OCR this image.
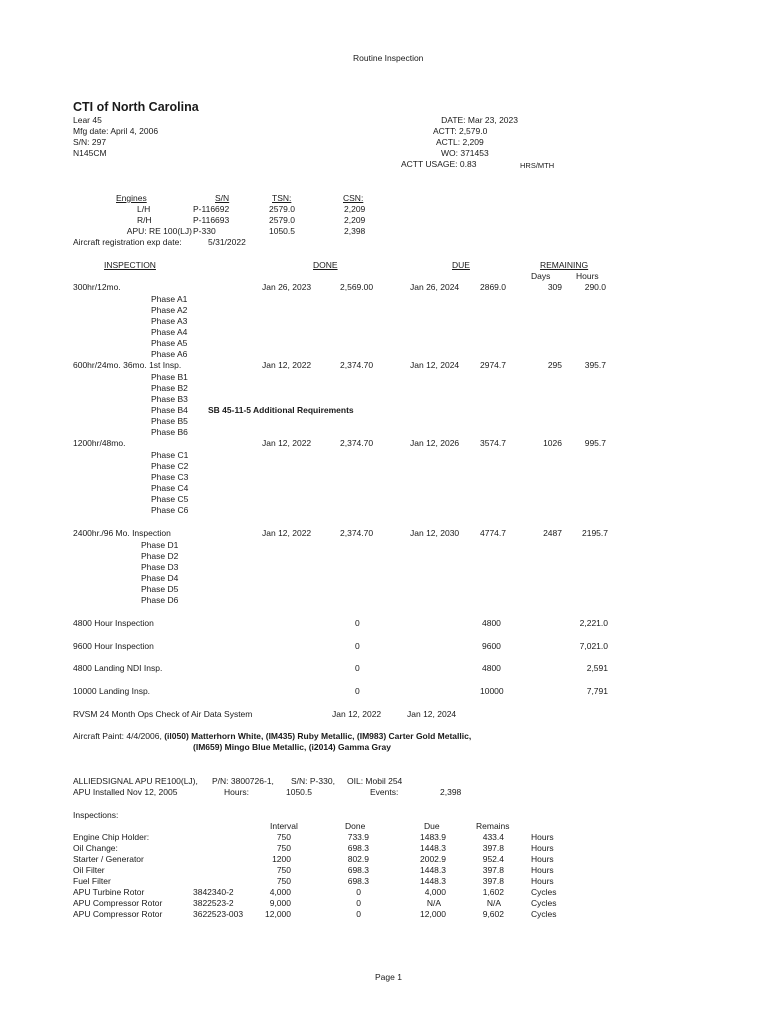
Routine Inspection
CTI of North Carolina
Lear 45
Mfg date: April 4, 2006
S/N: 297
N145CM
DATE: Mar 23, 2023
ACTT: 2,579.0
ACTL: 2,209
WO: 371453
ACTT USAGE: 0.83	HRS/MTH
Engines	S/N	TSN:	CSN:
L/H	P-116692	2579.0	2,209
R/H	P-116693	2579.0	2,209
APU: RE 100(LJ) P-330	1050.5	2,398
Aircraft registration exp date:	5/31/2022
INSPECTION	DONE	DUE	REMAINING
Days	Hours
300hr/12mo.	Jan 26, 2023	2,569.00	Jan 26, 2024 2869.0	309	290.0
Phase A1
Phase A2
Phase A3
Phase A4
Phase A5
Phase A6
600hr/24mo. 36mo. 1st Insp.	Jan 12, 2022	2,374.70	Jan 12, 2024 2974.7	295	395.7
Phase B1
Phase B2
Phase B3
Phase B4 SB 45-11-5 Additional Requirements
Phase B5
Phase B6
1200hr/48mo.	Jan 12, 2022	2,374.70	Jan 12, 2026 3574.7	1026	995.7
Phase C1
Phase C2
Phase C3
Phase C4
Phase C5
Phase C6
2400hr./96 Mo. Inspection	Jan 12, 2022	2,374.70	Jan 12, 2030 4774.7	2487 2195.7
Phase D1
Phase D2
Phase D3
Phase D4
Phase D5
Phase D6
4800 Hour Inspection	0	4800	2,221.0
9600 Hour Inspection	0	9600	7,021.0
4800 Landing NDI Insp.	0	4800	2,591
10000 Landing Insp.	0	10000	7,791
RVSM 24 Month Ops Check of Air Data System	Jan 12, 2022	Jan 12, 2024
Aircraft Paint: 4/4/2006, (il050) Matterhorn White, (IM435) Ruby Metallic, (IM983) Carter Gold Metallic,
(IM659) Mingo Blue Metallic, (i2014) Gamma Gray
ALLIEDSIGNAL APU RE100(LJ), P/N: 3800726-1, S/N: P-330, OIL: Mobil 254
APU Installed Nov 12, 2005	Hours:	1050.5	Events:	2,398
Inspections:
Interval	Done	Due	Remains
Engine Chip Holder:	750	733.9	1483.9	433.4	Hours
Oil Change:	750	698.3	1448.3	397.8	Hours
Starter / Generator	1200	802.9	2002.9	952.4	Hours
Oil Filter	750	698.3	1448.3	397.8	Hours
Fuel Filter	750	698.3	1448.3	397.8	Hours
APU Turbine Rotor	3842340-2	4,000	0	4,000	1,602	Cycles
APU Compressor Rotor	3822523-2	9,000	0	N/A	N/A	Cycles
APU Compressor Rotor	3622523-003	12,000	0	12,000	9,602	Cycles
Page 1
